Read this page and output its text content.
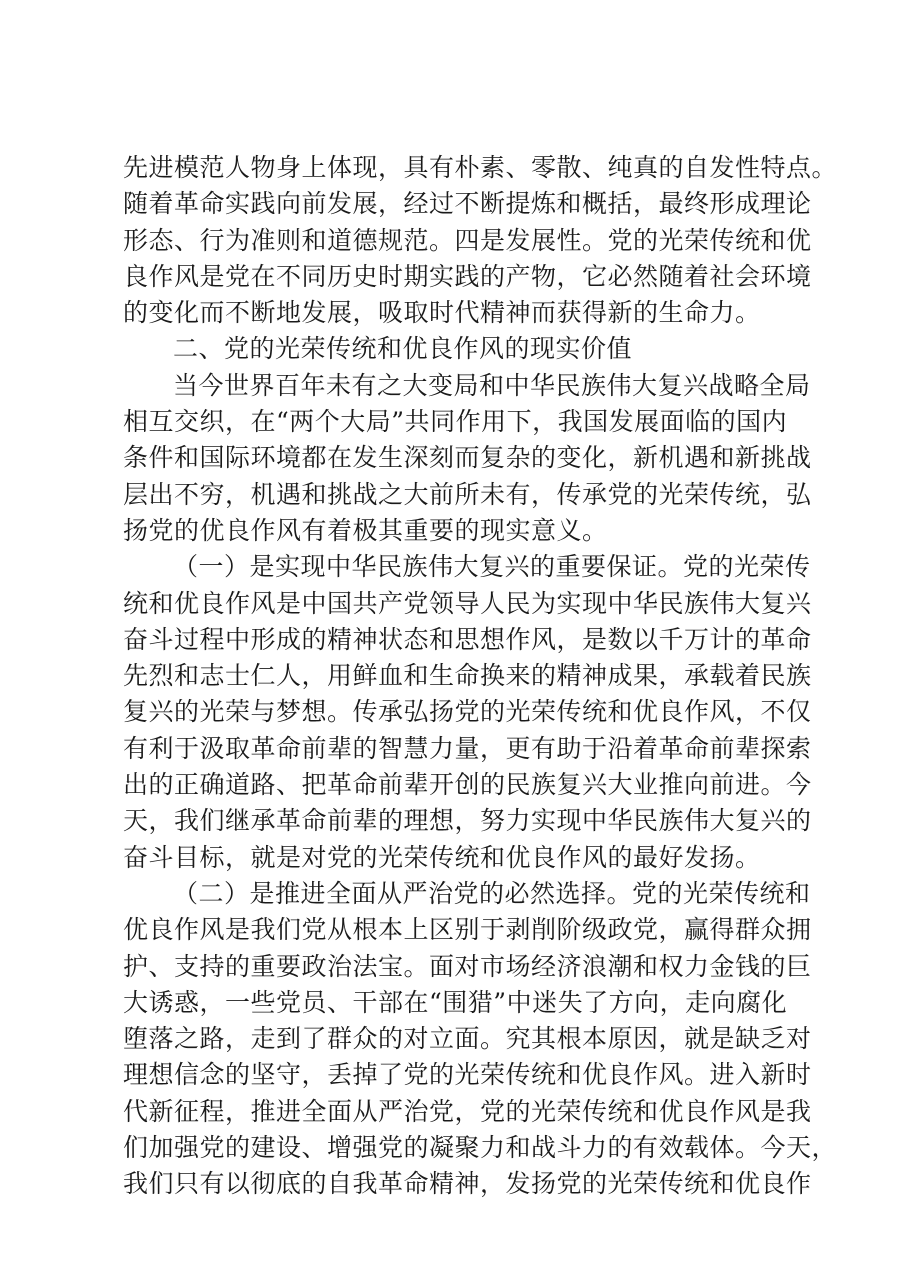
先进模范人物身上体现，具有朴素、零散、纯真的自发性特点。
随着革命实践向前发展，经过不断提炼和概括，最终形成理论
形态、行为准则和道德规范。四是发展性。党的光荣传统和优
良作风是党在不同历史时期实践的产物，它必然随着社会环境
的变化而不断地发展，吸取时代精神而获得新的生命力。
二、党的光荣传统和优良作风的现实价值
当今世界百年未有之大变局和中华民族伟大复兴战略全局
相互交织，在“两个大局”共同作用下，我国发展面临的国内
条件和国际环境都在发生深刻而复杂的变化，新机遇和新挑战
层出不穷，机遇和挑战之大前所未有，传承党的光荣传统，弘
扬党的优良作风有着极其重要的现实意义。
（一）是实现中华民族伟大复兴的重要保证。党的光荣传
统和优良作风是中国共产党领导人民为实现中华民族伟大复兴
奋斗过程中形成的精神状态和思想作风，是数以千万计的革命
先烈和志士仁人，用鲜血和生命换来的精神成果，承载着民族
复兴的光荣与梦想。传承弘扬党的光荣传统和优良作风，不仅
有利于汲取革命前辈的智慧力量，更有助于沿着革命前辈探索
出的正确道路、把革命前辈开创的民族复兴大业推向前进。今
天，我们继承革命前辈的理想，努力实现中华民族伟大复兴的
奋斗目标，就是对党的光荣传统和优良作风的最好发扬。
（二）是推进全面从严治党的必然选择。党的光荣传统和
优良作风是我们党从根本上区别于剥削阶级政党，赢得群众拥
护、支持的重要政治法宝。面对市场经济浪潮和权力金钱的巨
大诱惑，一些党员、干部在“围猎”中迷失了方向，走向腐化
堕落之路，走到了群众的对立面。究其根本原因，就是缺乏对
理想信念的坚守，丢掉了党的光荣传统和优良作风。进入新时
代新征程，推进全面从严治党，党的光荣传统和优良作风是我
们加强党的建设、增强党的凝聚力和战斗力的有效载体。今天，
我们只有以彻底的自我革命精神，发扬党的光荣传统和优良作
